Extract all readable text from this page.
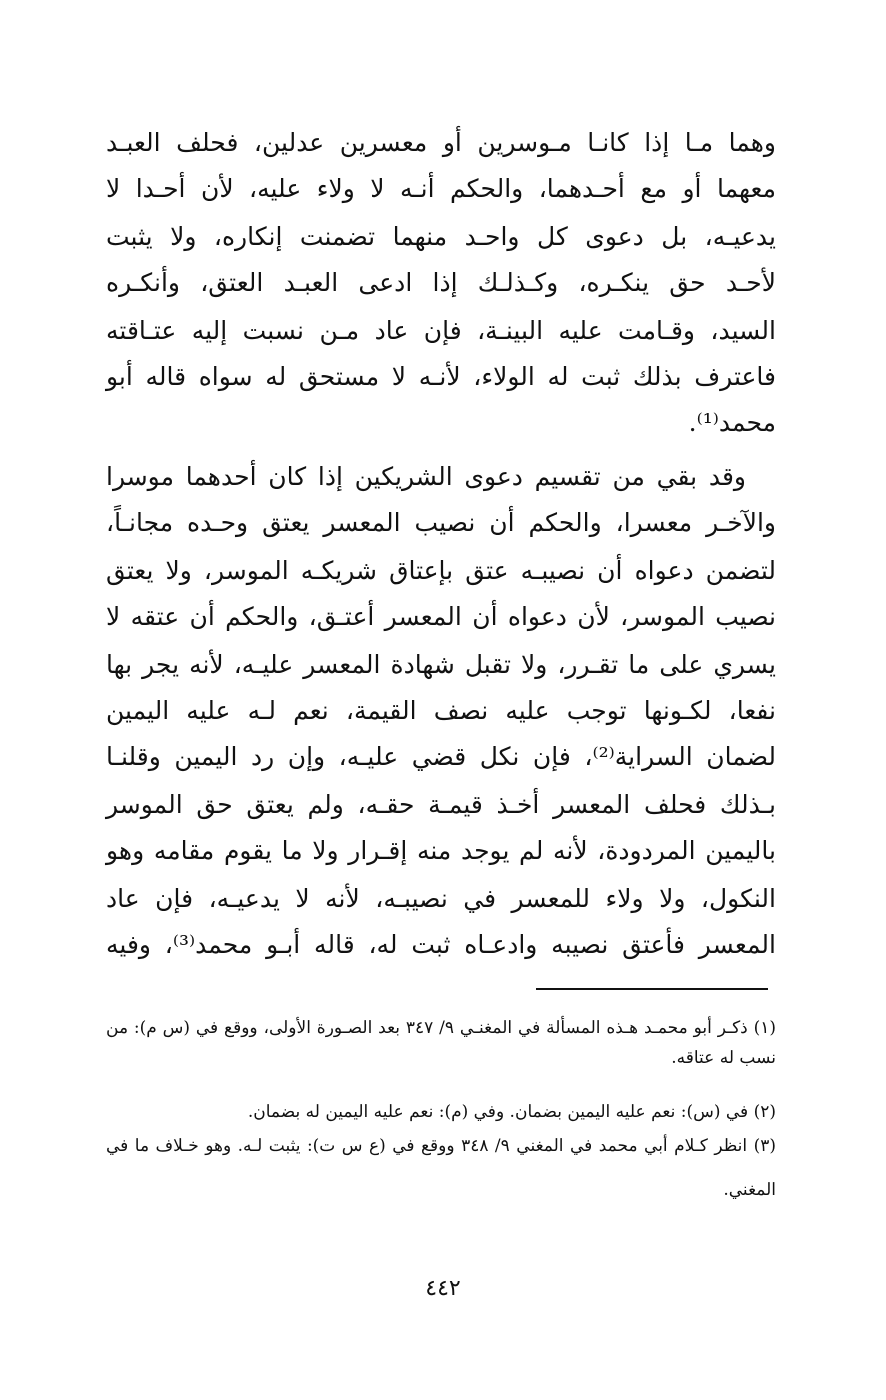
وهما مـا إذا كانـا مـوسرين أو معسرين عدلين، فحلف العبـد
معهما أو مع أحـدهما، والحكم أنـه لا ولاء عليه، لأن أحـدا لا
يدعيـه، بل دعوى كل واحـد منهما تضمنت إنكاره، ولا يثبت
لأحـد حق ينكـره، وكـذلـك إذا ادعى العبـد العتق، وأنكـره
السيد، وقـامت عليه البينـة، فإن عاد مـن نسبت إليه عتـاقته
فاعترف بذلك ثبت له الولاء، لأنـه لا مستحق له سواه قاله أبو
محمد⁽¹⁾.
وقد بقي من تقسيم دعوى الشريكين إذا كان أحدهما موسرا
والآخـر معسرا، والحكم أن نصيب المعسر يعتق وحـده مجانـاً،
لتضمن دعواه أن نصيبـه عتق بإعتاق شريكـه الموسر، ولا يعتق
نصيب الموسر، لأن دعواه أن المعسر أعتـق، والحكم أن عتقه لا
يسري على ما تقـرر، ولا تقبل شهادة المعسر عليـه، لأنه يجر بها
نفعا، لكـونها توجب عليه نصف القيمة، نعم لـه عليه اليمين
لضمان السراية⁽²⁾، فإن نكل قضي عليـه، وإن رد اليمين وقلنـا
بـذلك فحلف المعسر أخـذ قيمـة حقـه، ولم يعتق حق الموسر
باليمين المردودة، لأنه لم يوجد منه إقـرار ولا ما يقوم مقامه وهو
النكول، ولا ولاء للمعسر في نصيبـه، لأنه لا يدعيـه، فإن عاد
المعسر فأعتق نصيبه وادعـاه ثبت له، قاله أبـو محمد⁽³⁾، وفيه
(١) ذكـر أبو محمـد هـذه المسألة في المغنـي ٩/ ٣٤٧ بعد الصـورة الأولى، ووقع في (س م): من
نسب له عتاقه.
(٢) في (س): نعم عليه اليمين بضمان. وفي (م): نعم عليه اليمين له بضمان.
(٣) انظر كـلام أبي محمد في المغني ٩/ ٣٤٨ ووقع في (ع س ت): يثبت لـه. وهو خـلاف ما في
المغني.
٤٤٢
